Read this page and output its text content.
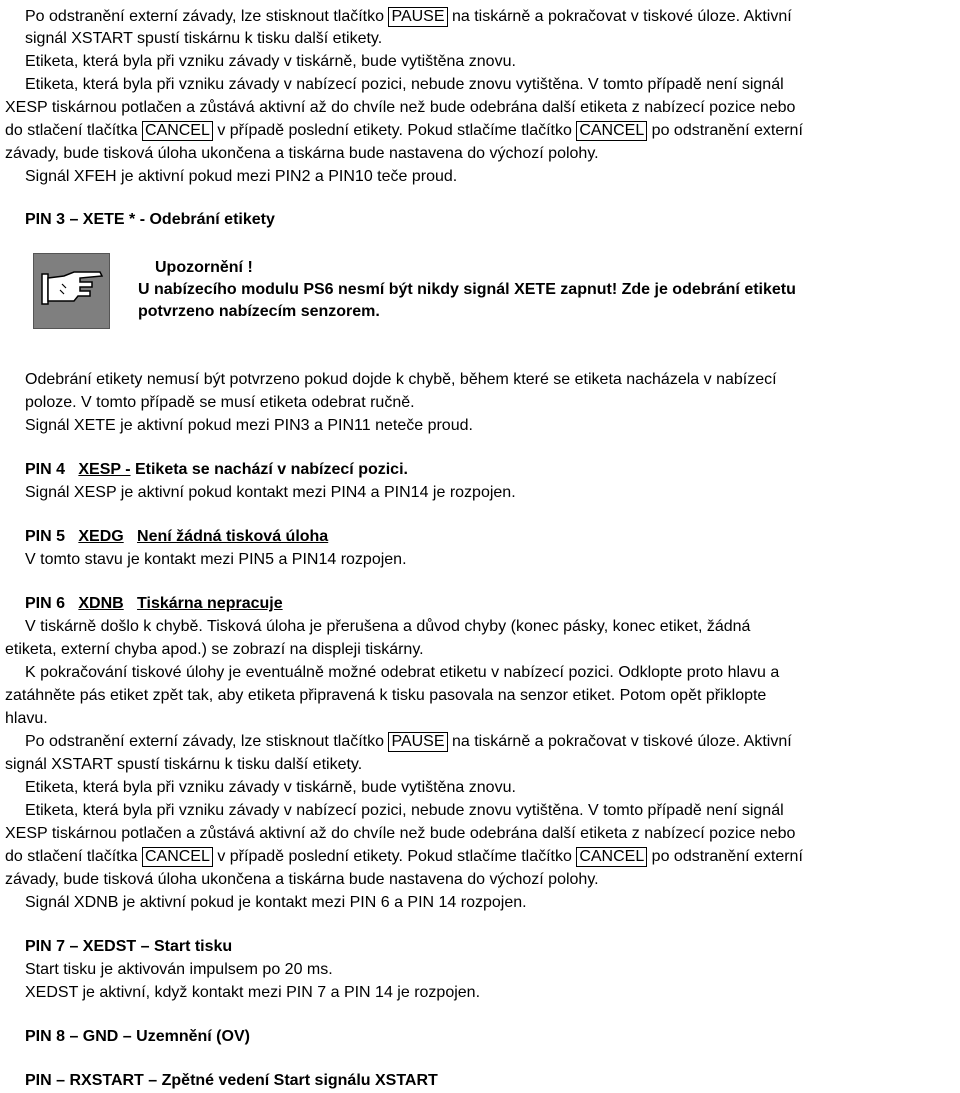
Po odstranění externí závady, lze stisknout tlačítko PAUSE na tiskárně a pokračovat v tiskové úloze. Aktivní
signál XSTART spustí tiskárnu k tisku další etikety.
Etiketa, která byla při vzniku závady v tiskárně, bude vytištěna znovu.
Etiketa, která byla při vzniku závady v nabízecí pozici, nebude znovu vytištěna. V tomto případě není signál
XESP tiskárnou potlačen a zůstává aktivní až do chvíle než bude odebrána další etiketa z nabízecí pozice nebo
do stlačení tlačítka CANCEL v případě poslední etikety. Pokud stlačíme tlačítko CANCEL po odstranění externí
závady, bude tisková úloha ukončena a tiskárna bude nastavena do výchozí polohy.
Signál XFEH je aktivní pokud mezi PIN2 a PIN10 teče proud.
PIN 3 – XETE * - Odebrání etikety
Upozornění !
U nabízecího modulu PS6 nesmí být nikdy signál XETE zapnut! Zde je odebrání etiketu
potvrzeno nabízecím senzorem.
Odebrání etikety nemusí být potvrzeno pokud dojde k chybě, během které se etiketa nacházela v nabízecí
poloze. V tomto případě se musí etiketa odebrat ručně.
Signál XETE je aktivní pokud mezi PIN3 a PIN11 neteče proud.
PIN 4 XESP - Etiketa se nachází v nabízecí pozici.
Signál XESP je aktivní pokud kontakt mezi PIN4 a PIN14 je rozpojen.
PIN 5 XEDG Není žádná tisková úloha
V tomto stavu je kontakt mezi PIN5 a PIN14 rozpojen.
PIN 6 XDNB Tiskárna nepracuje
V tiskárně došlo k chybě. Tisková úloha je přerušena a důvod chyby (konec pásky, konec etiket, žádná
etiketa, externí chyba apod.) se zobrazí na displeji tiskárny.
K pokračování tiskové úlohy je eventuálně možné odebrat etiketu v nabízecí pozici. Odklopte proto hlavu a
zatáhněte pás etiket zpět tak, aby etiketa připravená k tisku pasovala na senzor etiket. Potom opět přiklopte
hlavu.
Po odstranění externí závady, lze stisknout tlačítko PAUSE na tiskárně a pokračovat v tiskové úloze. Aktivní
signál XSTART spustí tiskárnu k tisku další etikety.
Etiketa, která byla při vzniku závady v tiskárně, bude vytištěna znovu.
Etiketa, která byla při vzniku závady v nabízecí pozici, nebude znovu vytištěna. V tomto případě není signál
XESP tiskárnou potlačen a zůstává aktivní až do chvíle než bude odebrána další etiketa z nabízecí pozice nebo
do stlačení tlačítka CANCEL v případě poslední etikety. Pokud stlačíme tlačítko CANCEL po odstranění externí
závady, bude tisková úloha ukončena a tiskárna bude nastavena do výchozí polohy.
Signál XDNB je aktivní pokud je kontakt mezi PIN 6 a PIN 14 rozpojen.
PIN 7 – XEDST – Start tisku
Start tisku je aktivován impulsem po 20 ms.
XEDST je aktivní, když kontakt mezi PIN 7 a PIN 14 je rozpojen.
PIN 8 – GND – Uzemnění (OV)
PIN – RXSTART – Zpětné vedení Start signálu XSTART
